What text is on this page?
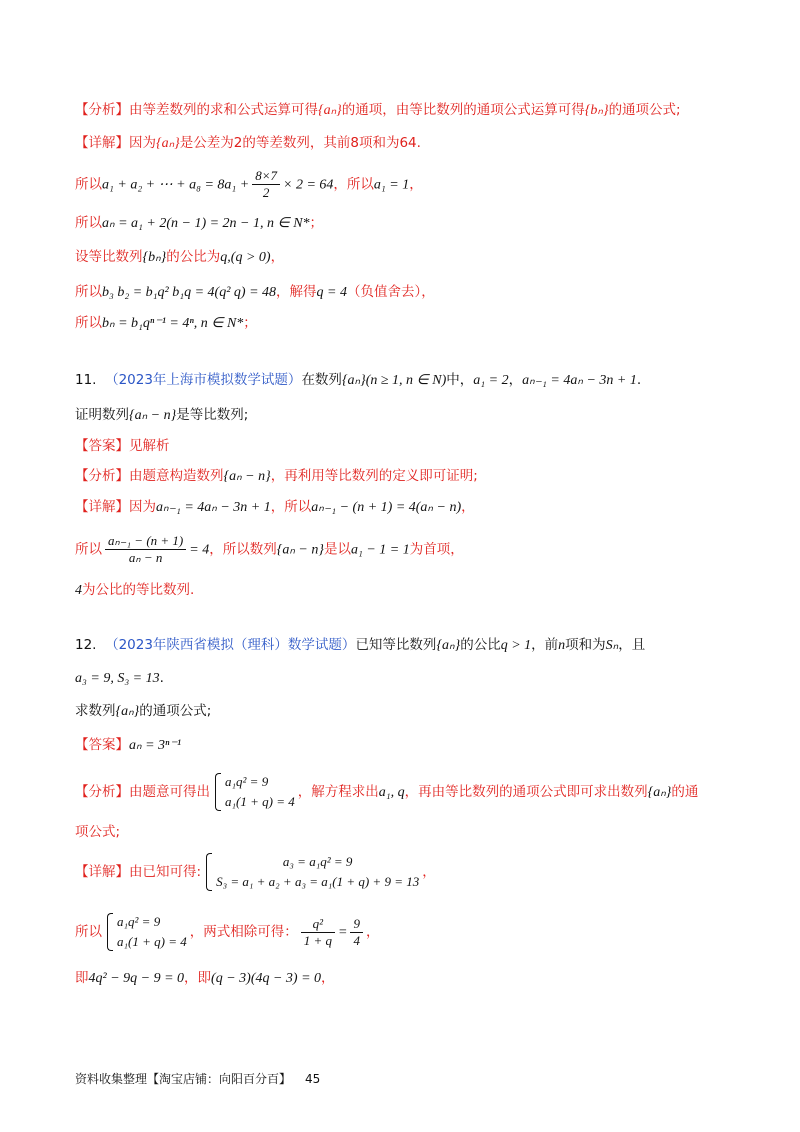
【分析】由等差数列的求和公式运算可得{aₙ}的通项，由等比数列的通项公式运算可得{bₙ}的通项公式;
【详解】因为{aₙ}是公差为2的等差数列，其前8项和为64.
所以a₁ + a₂ + ⋯ + $a_8 = 8a_1 + \frac{8\times 7}{2} \times 2 = 64$，所以a₁ = 1，
所以aₙ = a₁ + 2(n − 1) = 2n − 1, n ∈ N*；
设等比数列{bₙ}的公比为q,(q > 0)，
所以b₃ b₂ = b₁q² b₁q = 4(q² q) = 48，解得q = 4（负值舍去），
所以bₙ = b₁qⁿ⁻¹ = 4ⁿ, n ∈ N*；
11. （2023年上海市模拟数学试题）在数列{aₙ}(n ≥ 1, n ∈ N)中，a₁ = 2，aₙ₋₁ = 4aₙ − 3n + 1.
证明数列{aₙ − n}是等比数列;
【答案】见解析
【分析】由题意构造数列{aₙ − n}，再利用等比数列的定义即可证明;
【详解】因为aₙ₋₁ = 4aₙ − 3n + 1，所以aₙ₋₁ − (n + 1) = 4(aₙ − n)，
所以 $\frac{\text{aₙ₋₁ − (n + 1)}}{\text{aₙ − n}} = 4$，所以数列{aₙ − n}是以a₁ − 1 = 1为首项，
4为公比的等比数列.
12. （2023年陕西省模拟（理科）数学试题）已知等比数列{aₙ}的公比q > 1，前n项和为Sₙ，且
a₃ = 9, S₃ = 13.
求数列{aₙ}的通项公式;
【答案】aₙ = 3ⁿ⁻¹
【分析】由题意可得出
a₁q² = 9
a₁(1 + q) = 4
，解方程求出a₁, q，再由等比数列的通项公式即可求出数列{aₙ}的通
项公式;
【详解】由已知可得:
a₃ = a₁q² = 9
S₃ = a₁ + a₂ + a₃ = a₁(1 + q) + 9 = 13
，
所以
a₁q² = 9
a₁(1 + q) = 4
，两式相除可得： $\frac{\text{q²}}{1 + q} = \frac{9}{4}$ ，
即4q² − 9q − 9 = 0，即(q − 3)(4q − 3) = 0，
资料收集整理【淘宝店铺：向阳百分百】 45
